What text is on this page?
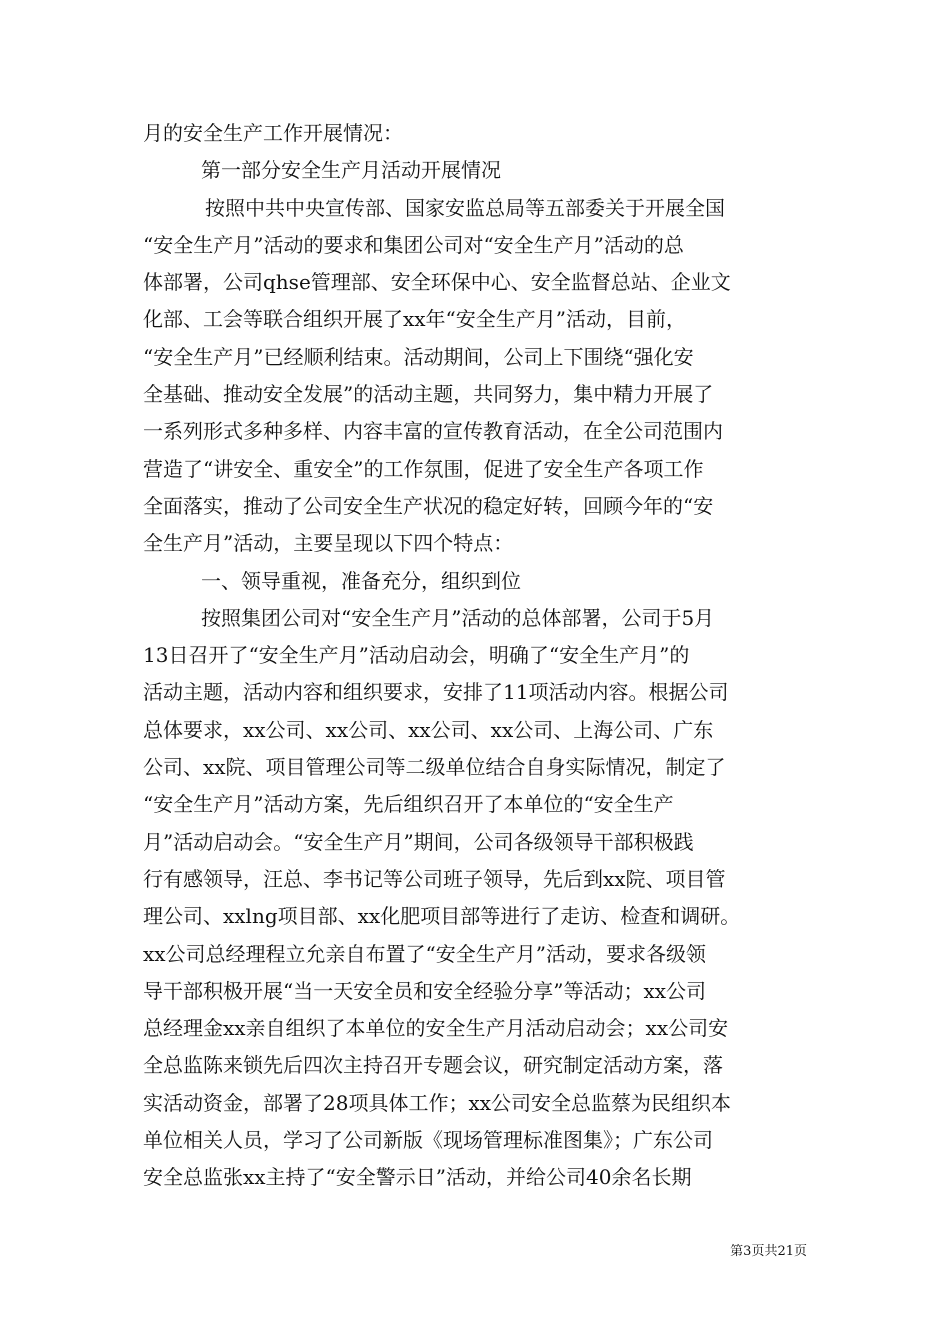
月的安全生产工作开展情况：
第一部分安全生产月活动开展情况
按照中共中央宣传部、国家安监总局等五部委关于开展全国
“安全生产月”活动的要求和集团公司对“安全生产月”活动的总
体部署，公司qhse管理部、安全环保中心、安全监督总站、企业文
化部、工会等联合组织开展了xx年“安全生产月”活动，目前，
“安全生产月”已经顺利结束。活动期间，公司上下围绕“强化安
全基础、推动安全发展”的活动主题，共同努力，集中精力开展了
一系列形式多种多样、内容丰富的宣传教育活动，在全公司范围内
营造了“讲安全、重安全”的工作氛围，促进了安全生产各项工作
全面落实，推动了公司安全生产状况的稳定好转，回顾今年的“安
全生产月”活动，主要呈现以下四个特点：
一、领导重视，准备充分，组织到位
按照集团公司对“安全生产月”活动的总体部署，公司于5月
13日召开了“安全生产月”活动启动会，明确了“安全生产月”的
活动主题，活动内容和组织要求，安排了11项活动内容。根据公司
总体要求，xx公司、xx公司、xx公司、xx公司、上海公司、广东
公司、xx院、项目管理公司等二级单位结合自身实际情况，制定了
“安全生产月”活动方案，先后组织召开了本单位的“安全生产
月”活动启动会。“安全生产月”期间，公司各级领导干部积极践
行有感领导，汪总、李书记等公司班子领导，先后到xx院、项目管
理公司、xxlng项目部、xx化肥项目部等进行了走访、检查和调研。
xx公司总经理程立允亲自布置了“安全生产月”活动，要求各级领
导干部积极开展“当一天安全员和安全经验分享”等活动；xx公司
总经理金xx亲自组织了本单位的安全生产月活动启动会；xx公司安
全总监陈来锁先后四次主持召开专题会议，研究制定活动方案，落
实活动资金，部署了28项具体工作；xx公司安全总监蔡为民组织本
单位相关人员，学习了公司新版《现场管理标准图集》；广东公司
安全总监张xx主持了“安全警示日”活动，并给公司40余名长期
第3页共21页
